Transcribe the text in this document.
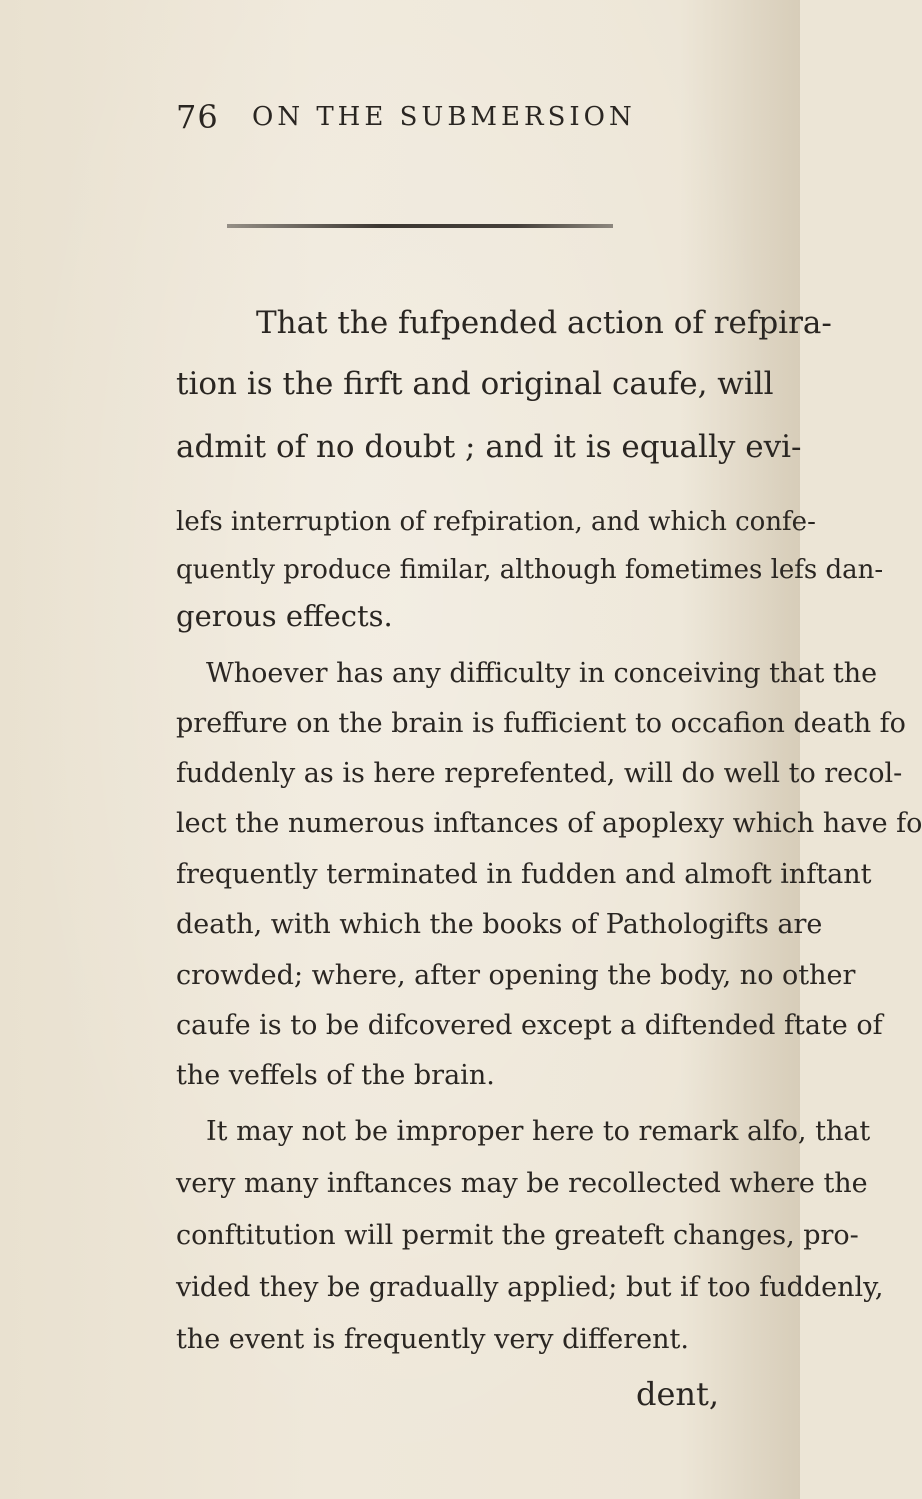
76 ON THE SUBMERSION

That the fufpended action of refpira-

tion is the firft and original caufe, will

admit of no doubt ; and it is equally evi-

lefs interruption of refpiration, and which confe-

quently produce fimilar, although fometimes lefs dan-

gerous effects.

Whoever has any difficulty in conceiving that the

preffure on the brain is fufficient to occafion death fo

fuddenly as is here reprefented, will do well to recol-

lect the numerous inftances of apoplexy which have fo

frequently terminated in fudden and almoft inftant

death, with which the books of Pathologifts are

crowded; where, after opening the body, no other

caufe is to be difcovered except a diftended ftate of

the veffels of the brain.

It may not be improper here to remark alfo, that

very many inftances may be recollected where the

conftitution will permit the greateft changes, pro-

vided they be gradually applied; but if too fuddenly,

the event is frequently very different.

dent,
